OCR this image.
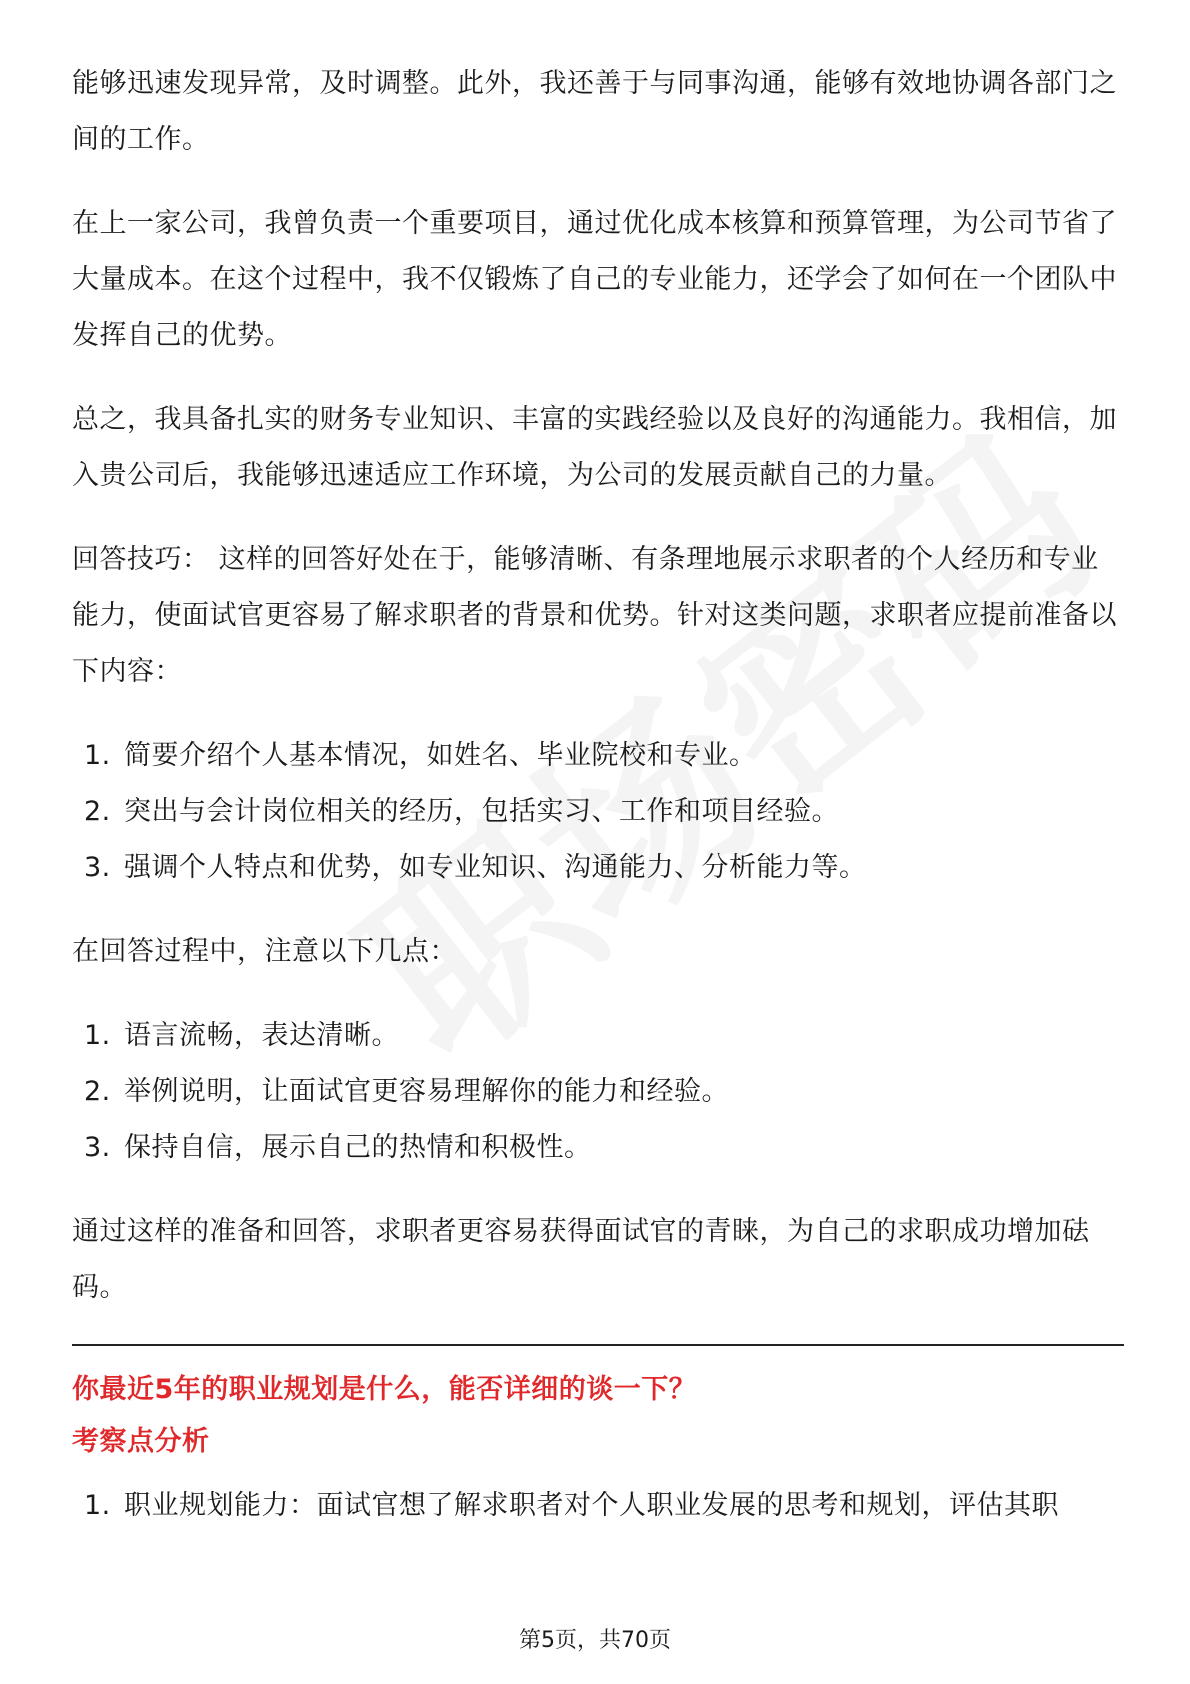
能够迅速发现异常，及时调整。此外，我还善于与同事沟通，能够有效地协调各部门之间的工作。

在上一家公司，我曾负责一个重要项目，通过优化成本核算和预算管理，为公司节省了大量成本。在这个过程中，我不仅锻炼了自己的专业能力，还学会了如何在一个团队中发挥自己的优势。

总之，我具备扎实的财务专业知识、丰富的实践经验以及良好的沟通能力。我相信，加入贵公司后，我能够迅速适应工作环境，为公司的发展贡献自己的力量。

回答技巧： 这样的回答好处在于，能够清晰、有条理地展示求职者的个人经历和专业能力，使面试官更容易了解求职者的背景和优势。针对这类问题，求职者应提前准备以下内容：

1. 简要介绍个人基本情况，如姓名、毕业院校和专业。
2. 突出与会计岗位相关的经历，包括实习、工作和项目经验。
3. 强调个人特点和优势，如专业知识、沟通能力、分析能力等。

在回答过程中，注意以下几点：

1. 语言流畅，表达清晰。
2. 举例说明，让面试官更容易理解你的能力和经验。
3. 保持自信，展示自己的热情和积极性。

通过这样的准备和回答，求职者更容易获得面试官的青睐，为自己的求职成功增加砝码。

你最近5年的职业规划是什么，能否详细的谈一下？
考察点分析
1. 职业规划能力：面试官想了解求职者对个人职业发展的思考和规划，评估其职
第5页，共70页
